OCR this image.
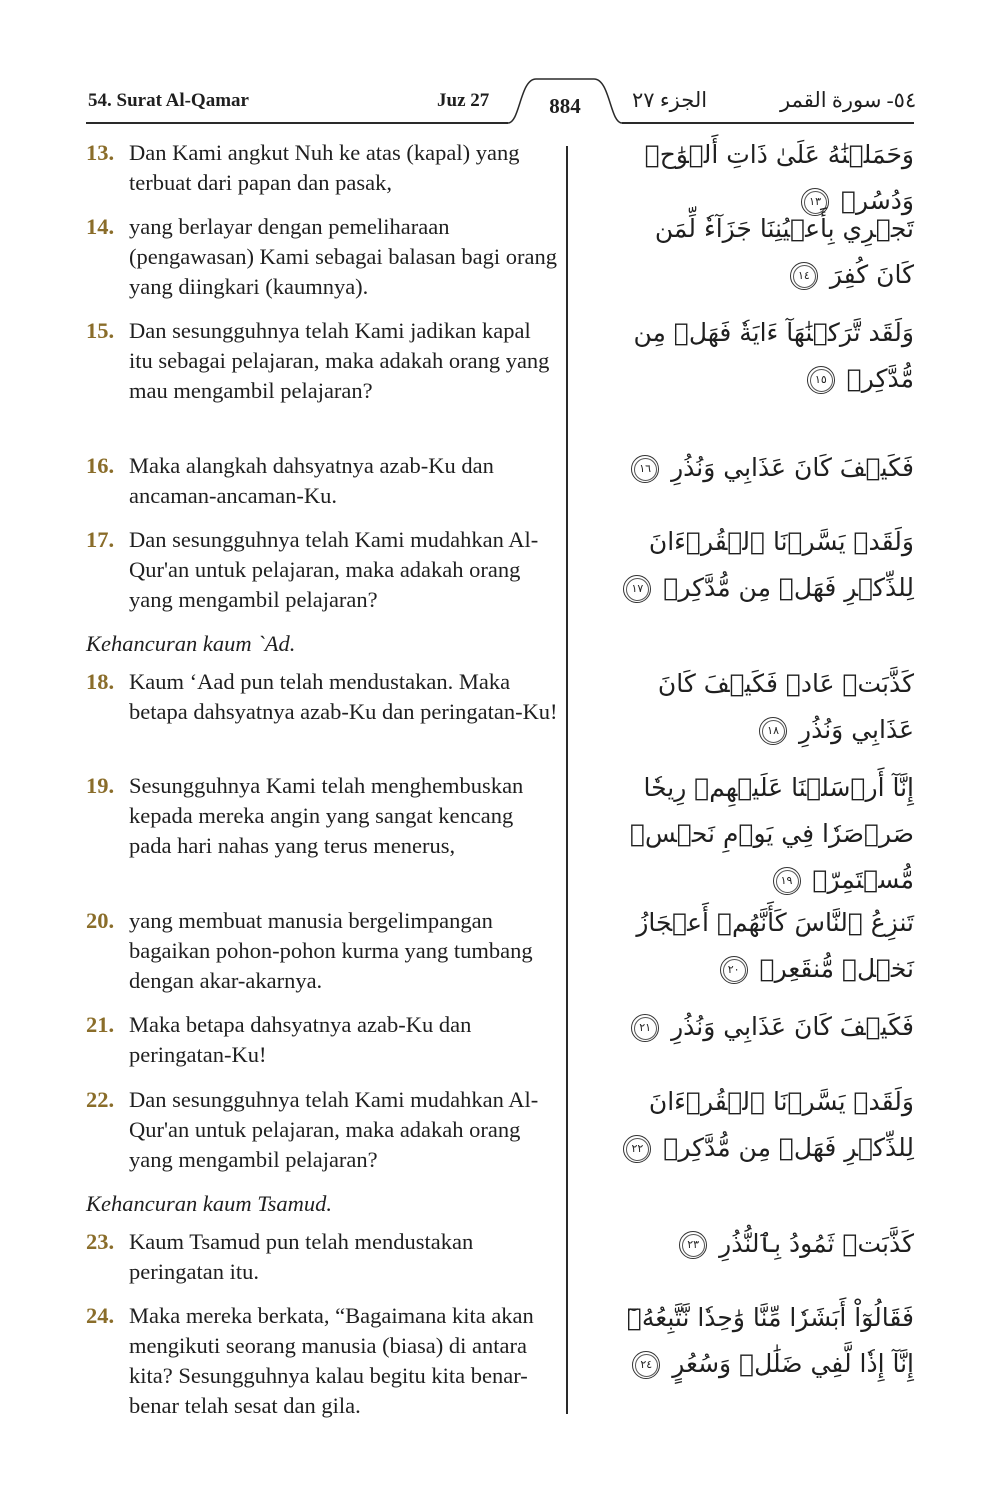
54. Surat Al-Qamar	Juz 27	الجزء ٢٧	٥٤- سورة القمر
884
13. Dan Kami angkut Nuh ke atas (kapal) yang terbuat dari papan dan pasak,
14. yang berlayar dengan pemeliharaan (pengawasan) Kami sebagai balasan bagi orang yang diingkari (kaumnya).
15. Dan sesungguhnya telah Kami jadikan kapal itu sebagai pelajaran, maka adakah orang yang mau mengambil pelajaran?
16. Maka alangkah dahsyatnya azab-Ku dan ancaman-ancaman-Ku.
17. Dan sesungguhnya telah Kami mudahkan Al-Qur'an untuk pelajaran, maka adakah orang yang mengambil pelajaran?
Kehancuran kaum `Ad.
18. Kaum ‘Aad pun telah mendustakan. Maka betapa dahsyatnya azab-Ku dan peringatan-Ku!
19. Sesungguhnya Kami telah menghembuskan kepada mereka angin yang sangat kencang pada hari nahas yang terus menerus,
20. yang membuat manusia bergelimpangan bagaikan pohon-pohon kurma yang tumbang dengan akar-akarnya.
21. Maka betapa dahsyatnya azab-Ku dan peringatan-Ku!
22. Dan sesungguhnya telah Kami mudahkan Al-Qur'an untuk pelajaran, maka adakah orang yang mengambil pelajaran?
Kehancuran kaum Tsamud.
23. Kaum Tsamud pun telah mendustakan peringatan itu.
24. Maka mereka berkata, “Bagaimana kita akan mengikuti seorang manusia (biasa) di antara kita? Sesungguhnya kalau begitu kita benar-benar telah sesat dan gila.
وَحَمَلۡنَٰهُ عَلَىٰ ذَاتِ أَلۡوَٰحٖ وَدُسُرٖ ١٣
تَجۡرِي بِأَعۡيُنِنَا جَزَآءٗ لِّمَن كَانَ كُفِرَ ١٤
وَلَقَد تَّرَكۡنَٰهَآ ءَايَةٗ فَهَلۡ مِن مُّدَّكِرٖ ١٥
فَكَيۡفَ كَانَ عَذَابِي وَنُذُرِ ١٦
وَلَقَدۡ يَسَّرۡنَا ٱلۡقُرۡءَانَ لِلذِّكۡرِ فَهَلۡ مِن مُّدَّكِرٖ ١٧
كَذَّبَتۡ عَادٞ فَكَيۡفَ كَانَ عَذَابِي وَنُذُرِ ١٨
إِنَّآ أَرۡسَلۡنَا عَلَيۡهِمۡ رِيحٗا صَرۡصَرٗا فِي يَوۡمِ نَحۡسٖ مُّسۡتَمِرّٖ ١٩
تَنزِعُ ٱلنَّاسَ كَأَنَّهُمۡ أَعۡجَازُ نَخۡلٖ مُّنقَعِرٖ ٢٠
فَكَيۡفَ كَانَ عَذَابِي وَنُذُرِ ٢١
وَلَقَدۡ يَسَّرۡنَا ٱلۡقُرۡءَانَ لِلذِّكۡرِ فَهَلۡ مِن مُّدَّكِرٖ ٢٢
كَذَّبَتۡ ثَمُودُ بِٱلنُّذُرِ ٢٣
فَقَالُوٓاْ أَبَشَرٗا مِّنَّا وَٰحِدٗا نَّتَّبِعُهُۥٓ إِنَّآ إِذٗا لَّفِي ضَلَٰلٖ وَسُعُرٍ ٢٤
